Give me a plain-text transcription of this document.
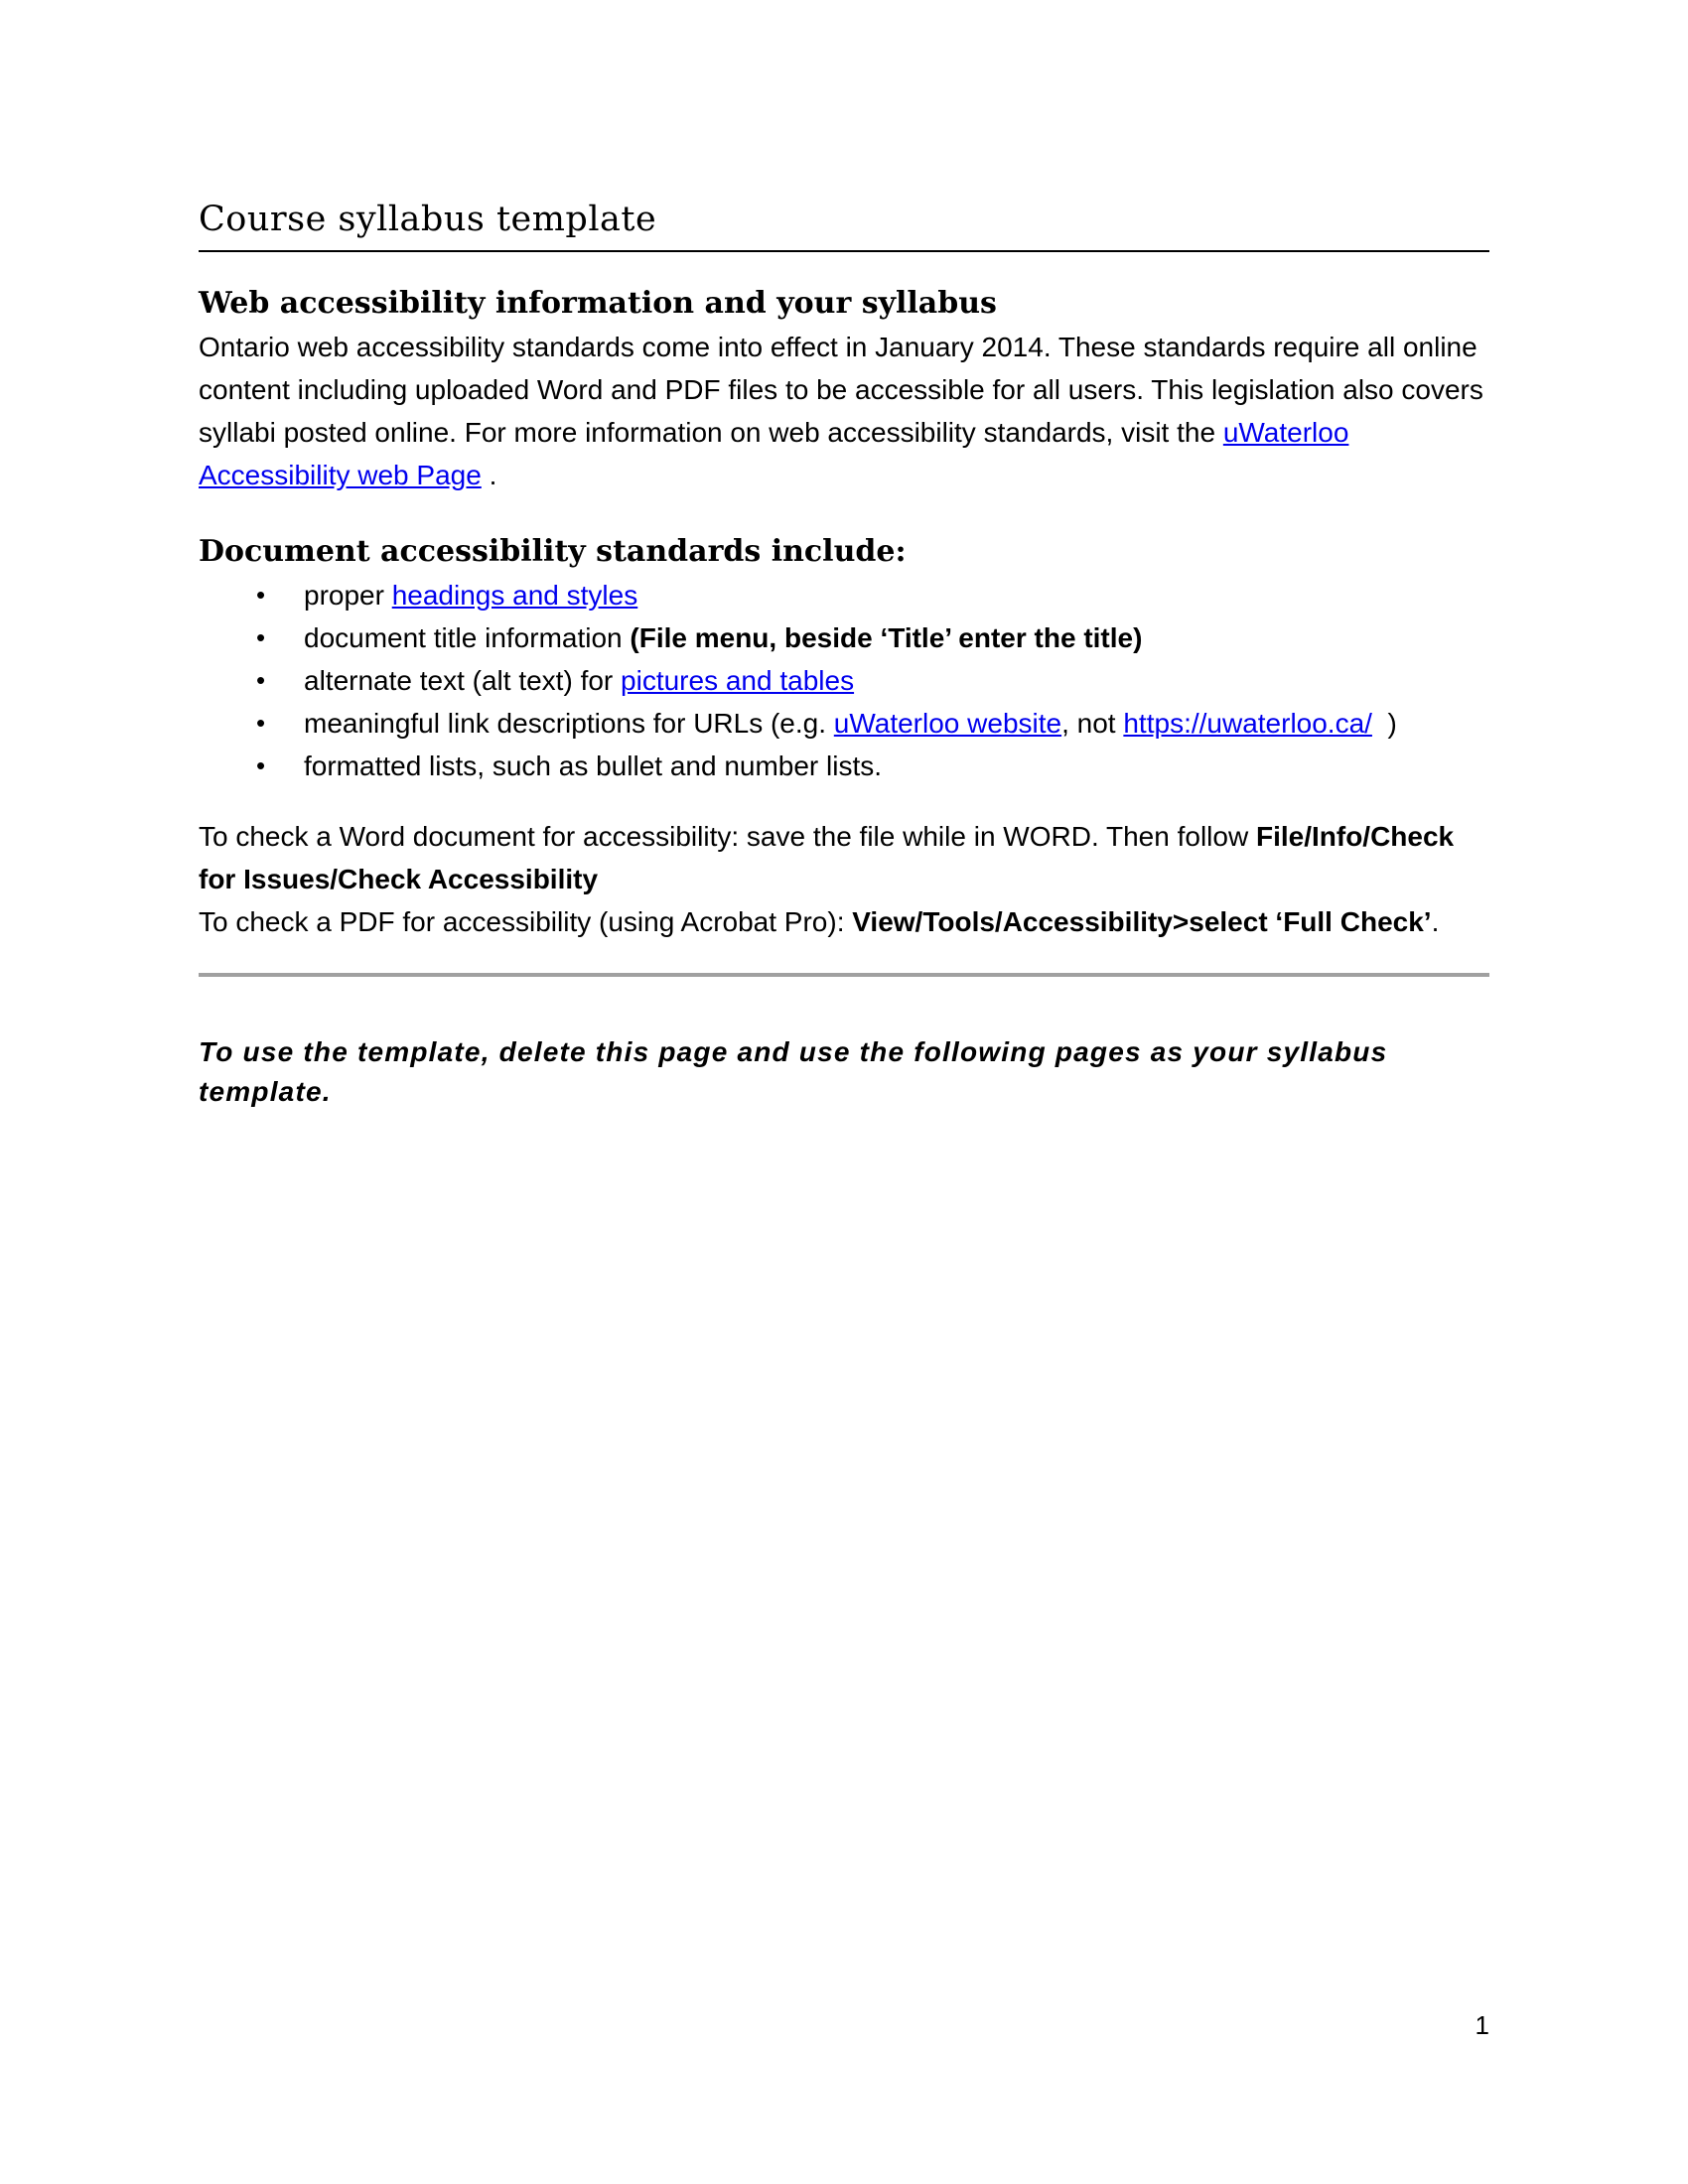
Course syllabus template
Web accessibility information and your syllabus

Ontario web accessibility standards come into effect in January 2014. These standards require all online content including uploaded Word and PDF files to be accessible for all users. This legislation also covers syllabi posted online. For more information on web accessibility standards, visit the uWaterloo Accessibility web Page .

Document accessibility standards include:
• proper headings and styles
• document title information (File menu, beside ‘Title’ enter the title)
• alternate text (alt text) for pictures and tables
• meaningful link descriptions for URLs (e.g. uWaterloo website, not https://uwaterloo.ca/  )
• formatted lists, such as bullet and number lists.

To check a Word document for accessibility: save the file while in WORD. Then follow File/Info/Check for Issues/Check Accessibility

To check a PDF for accessibility (using Acrobat Pro): View/Tools/Accessibility>select ‘Full Check’.

To use the template, delete this page and use the following pages as your syllabus template.

1
